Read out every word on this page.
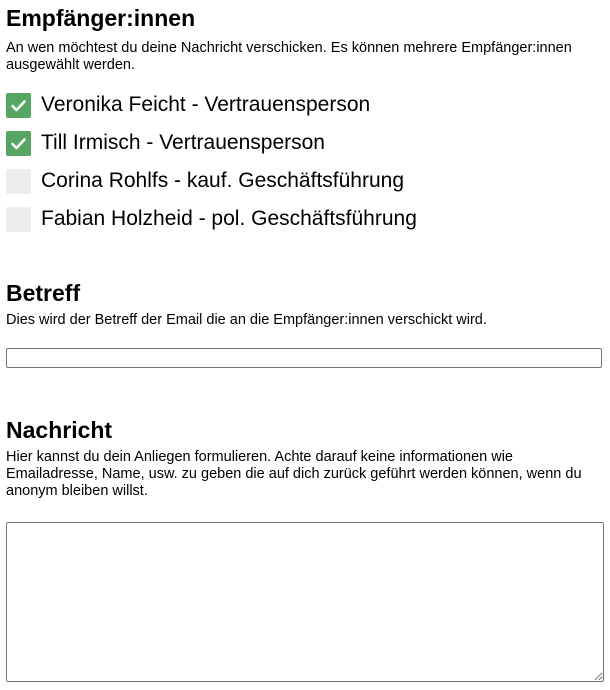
Empfänger:innen

An wen möchtest du deine Nachricht verschicken. Es können mehrere Empfänger:innen ausgewählt werden.

Veronika Feicht - Vertrauensperson
Till Irmisch - Vertrauensperson
Corina Rohlfs - kauf. Geschäftsführung
Fabian Holzheid - pol. Geschäftsführung
Betreff

Dies wird der Betreff der Email die an die Empfänger:innen verschickt wird.

Nachricht

Hier kannst du dein Anliegen formulieren. Achte darauf keine informationen wie Emailadresse, Name, usw. zu geben die auf dich zurück geführt werden können, wenn du anonym bleiben willst.
